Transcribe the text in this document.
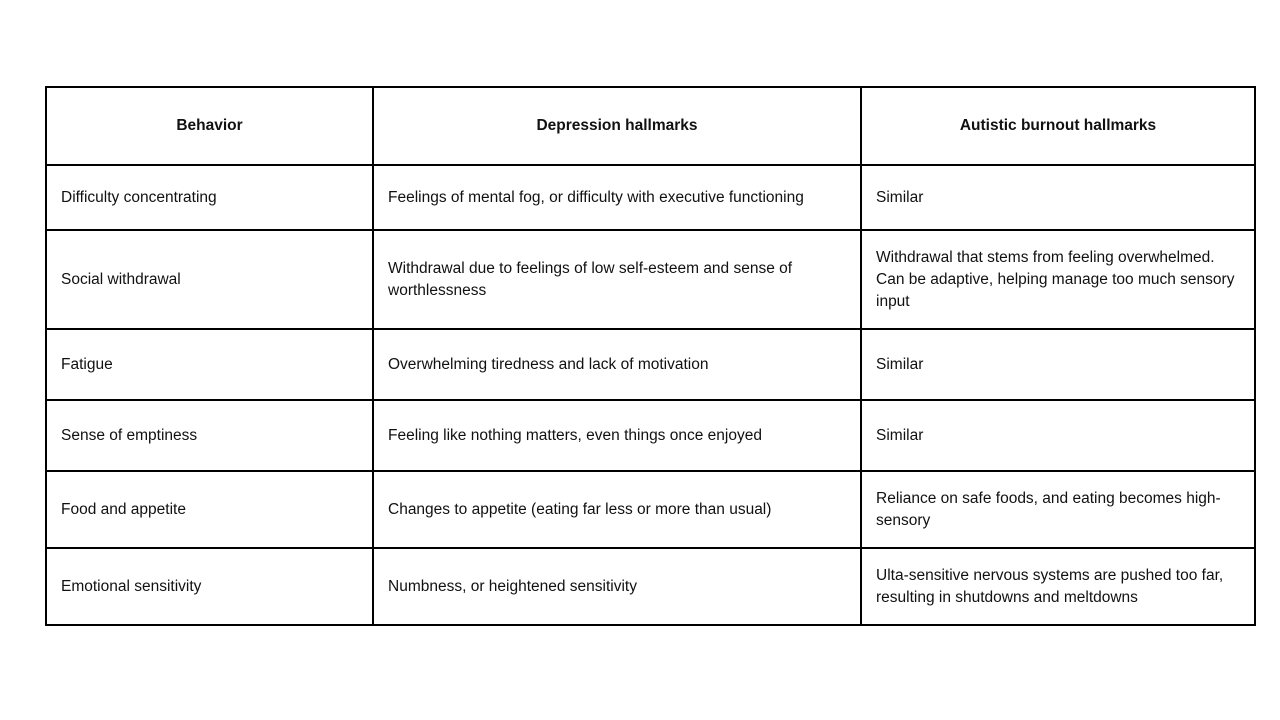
Behavior	Depression hallmarks	Autistic burnout hallmarks
Difficulty concentrating	Feelings of mental fog, or difficulty with executive functioning	Similar
Social withdrawal	Withdrawal due to feelings of low self-esteem and sense of worthlessness	Withdrawal that stems from feeling overwhelmed. Can be adaptive, helping manage too much sensory input
Fatigue	Overwhelming tiredness and lack of motivation	Similar
Sense of emptiness	Feeling like nothing matters, even things once enjoyed	Similar
Food and appetite	Changes to appetite (eating far less or more than usual)	Reliance on safe foods, and eating becomes high-sensory
Emotional sensitivity	Numbness, or heightened sensitivity	Ulta-sensitive nervous systems are pushed too far, resulting in shutdowns and meltdowns
